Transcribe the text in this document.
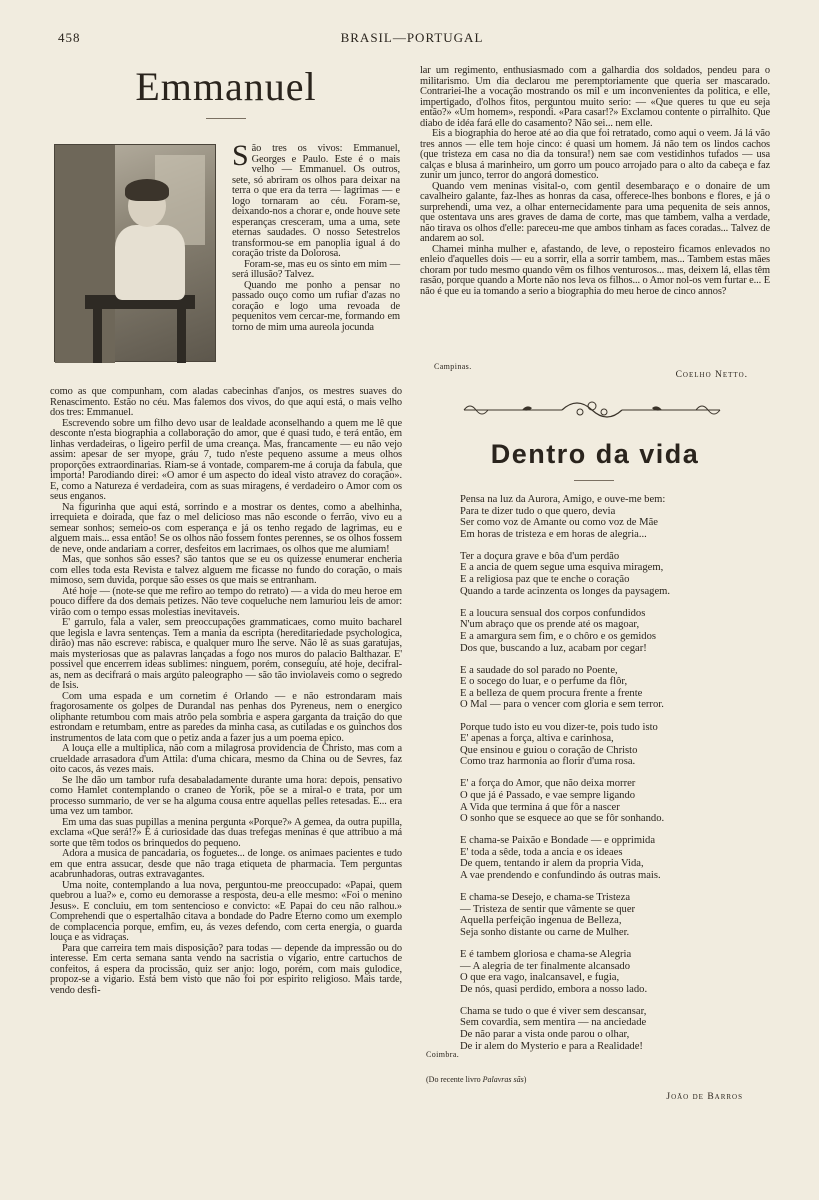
458	BRASIL—PORTUGAL
Emmanuel

São tres os vivos: Emmanuel, Georges e Paulo. Este é o mais velho — Emmanuel. Os outros, sete, só abriram os olhos para deixar na terra o que era da terra — lagrimas — e logo tornaram ao céu. Foram-se, deixando-nos a chorar e, onde houve sete esperanças cresceram, uma a uma, sete eternas saudades. O nosso Setestrelos transformou-se em panoplia igual á do coração triste da Dolorosa.

Foram-se, mas eu os sinto em mim — será illusão? Talvez.

Quando me ponho a pensar no passado ouço como um rufiar d'azas no coração e logo uma revoada de pequenitos vem cercar-me, formando em torno de mim uma aureola jocunda

como as que compunham, com aladas cabecinhas d'anjos, os mestres suaves do Renascimento. Estão no céu. Mas falemos dos vivos, do que aqui está, o mais velho dos tres: Emmanuel.

Escrevendo sobre um filho devo usar de lealdade aconselhando a quem me lê que desconte n'esta biographia a collaboração do amor, que é quasi tudo, e terá então, em linhas verdadeiras, o ligeiro perfil de uma creança. Mas, francamente — eu não vejo assim: apesar de ser myope, gráu 7, tudo n'este pequeno assume a meus olhos proporções extraordinarias. Riam-se á vontade, comparem-me á coruja da fabula, que importa! Parodiando direi: «O amor é um aspecto do ideal visto atravez do coração». E, como a Natureza é verdadeira, com as suas miragens, é verdadeiro o Amor com os seus enganos.

Na figurinha que aqui está, sorrindo e a mostrar os dentes, como a abelhinha, irrequieta e doirada, que faz o mel delicioso mas não esconde o ferrão, vivo eu a semear sonhos; semeio-os com esperança e já os tenho regado de lagrimas, eu e alguem mais... essa então! Se os olhos não fossem fontes perennes, se os olhos fossem de neve, onde andariam a correr, desfeitos em lacrimaes, os olhos que me alumiam!

Mas, que sonhos são esses? são tantos que se eu os quizesse enumerar encheria com elles toda esta Revista e talvez alguem me ficasse no fundo do coração, o mais mimoso, sem duvida, porque são esses os que mais se entranham.

Até hoje — (note-se que me refiro ao tempo do retrato) — a vida do meu heroe em pouco differe da dos demais petizes. Não teve coqueluche nem lamuriou leis de amor: virão com o tempo essas molestias inevitaveis.

E' garrulo, fala a valer, sem preoccupações grammaticaes, como muito bacharel que legisla e lavra sentenças. Tem a mania da escripta (hereditariedade psychologica, dirão) mas não escreve: rabisca, e qualquer muro lhe serve. Não lê as suas garatujas, mais mysteriosas que as palavras lançadas a fogo nos muros do palacio Balthazar. E' possivel que encerrem ideas sublimes: ninguem, porém, conseguiu, até hoje, decifral-as, nem as decifrará o mais argúto paleographo — são tão inviolaveis como o segredo de Isis.

Com uma espada e um cornetim é Orlando — e não estrondaram mais fragorosamente os golpes de Durandal nas penhas dos Pyreneus, nem o energico oliphante retumbou com mais atrôo pela sombria e aspera garganta da traição do que estrondam e retumbam, entre as paredes da minha casa, as cutiladas e os guinchos dos instrumentos de lata com que o petiz anda a fazer jus a um poema epico.

A louça elle a multiplica, não com a milagrosa providencia de Christo, mas com a crueldade arrasadora d'um Attila: d'uma chicara, mesmo da China ou de Sevres, faz oito cacos, ás vezes mais.

Se lhe dão um tambor rufa desabaladamente durante uma hora: depois, pensativo como Hamlet contemplando o craneo de Yorik, põe se a miral-o e trata, por um processo summario, de ver se ha alguma cousa entre aquellas pelles retesadas. E... era uma vez um tambor.

Em uma das suas pupillas a menina pergunta «Porque?» A gemea, da outra pupilla, exclama «Que será!?» É á curiosidade das duas trefegas meninas é que attribuo a má sorte que têm todos os brinquedos do pequeno.

Adora a musica de pancadaria, os foguetes... de longe. os animaes pacientes e tudo em que entra assucar, desde que não traga etiqueta de pharmacia. Tem perguntas acabrunhadoras, outras extravagantes.

Uma noite, contemplando a lua nova, perguntou-me preoccupado: «Papai, quem quebrou a lua?» e, como eu demorasse a resposta, deu-a elle mesmo: «Foi o menino Jesus». E concluiu, em tom sentencioso e convicto: «E Papai do ceu não ralhou.» Comprehendi que o espertalhão citava a bondade do Padre Eterno como um exemplo de complacencia porque, emfim, eu, ás vezes defendo, com certa energia, o guarda louça e as vidraças.

Para que carreira tem mais disposição? para todas — depende da impressão ou do interesse. Em certa semana santa vendo na sacristia o vigario, entre cartuchos de confeitos, á espera da procissão, quiz ser anjo: logo, porém, com mais gulodice, propoz-se a vigario. Está bem visto que não foi por espirito religioso. Mais tarde, vendo desfi-

lar um regimento, enthusiasmado com a galhardia dos soldados, pendeu para o militarismo. Um dia declarou me peremptoriamente que queria ser mascarado. Contrariei-lhe a vocação mostrando os mil e um inconvenientes da politica, e elle, impertigado, d'olhos fitos, perguntou muito serio: — «Que queres tu que eu seja então?» «Um homem», respondi. «Para casar!?» Exclamou contente o pirralhito. Que diabo de idéa fará elle do casamento? Não sei... nem elle.

Eis a biographia do heroe até ao dia que foi retratado, como aqui o veem. Já lá vão tres annos — elle tem hoje cinco: é quasi um homem. Já não tem os lindos cachos (que tristeza em casa no dia da tonsura!) nem sae com vestidinhos tufados — usa calças e blusa á marinheiro, um gorro um pouco arrojado para o alto da cabeça e faz zunir um junco, terror do angorá domestico.

Quando vem meninas visital-o, com gentil desembaraço e o donaire de um cavalheiro galante, faz-lhes as honras da casa, offerece-lhes bonbons e flores, e já o surprehendi, uma vez, a olhar enternecidamente para uma pequenita de seis annos, que ostentava uns ares graves de dama de corte, mas que tambem, valha a verdade, não tirava os olhos d'elle: pareceu-me que ambos tinham as faces coradas... Talvez de andarem ao sol.

Chamei minha mulher e, afastando, de leve, o reposteiro ficamos enlevados no enleio d'aquelles dois — eu a sorrir, ella a sorrir tambem, mas... Tambem estas mães choram por tudo mesmo quando vêm os filhos venturosos... mas, deixem lá, ellas têm rasão, porque quando a Morte não nos leva os filhos... o Amor nol-os vem furtar e... E não é que eu ia tomando a serio a biographia do meu heroe de cinco annos?

Campinas.
Coelho Netto.
Dentro da vida
Pensa na luz da Aurora, Amigo, e ouve-me bem:
Para te dizer tudo o que quero, devia
Ser como voz de Amante ou como voz de Mãe
Em horas de tristeza e em horas de alegria...
Ter a doçura grave e bôa d'um perdão
E a ancia de quem segue uma esquiva miragem,
E a religiosa paz que te enche o coração
Quando a tarde acinzenta os longes da paysagem.
E a loucura sensual dos corpos confundidos
N'um abraço que os prende até os magoar,
E a amargura sem fim, e o chôro e os gemidos
Dos que, buscando a luz, acabam por cegar!
E a saudade do sol parado no Poente,
E o socego do luar, e o perfume da flôr,
E a belleza de quem procura frente a frente
O Mal — para o vencer com gloria e sem terror.
Porque tudo isto eu vou dizer-te, pois tudo isto
E' apenas a força, altiva e carinhosa,
Que ensinou e guiou o coração de Christo
Como traz harmonia ao florir d'uma rosa.
E' a força do Amor, que não deixa morrer
O que já é Passado, e vae sempre ligando
A Vida que termina á que fôr a nascer
O sonho que se esquece ao que se fôr sonhando.
E chama-se Paixão e Bondade — e opprimida
E' toda a sêde, toda a ancia e os ideaes
De quem, tentando ir alem da propria Vida,
A vae prendendo e confundindo ás outras mais.
E chama-se Desejo, e chama-se Tristeza
— Tristeza de sentir que vâmente se quer
Aquella perfeição ingenua de Belleza,
Seja sonho distante ou carne de Mulher.
E é tambem gloriosa e chama-se Alegria
— A alegria de ter finalmente alcansado
O que era vago, inalcansavel, e fugia,
De nós, quasi perdido, embora a nosso lado.
Chama se tudo o que é viver sem descansar,
Sem covardia, sem mentira — na anciedade
De não parar a vista onde parou o olhar,
De ir alem do Mysterio e para a Realidade!
Coimbra.
(Do recente livro Palavras sãs)
João de Barros
